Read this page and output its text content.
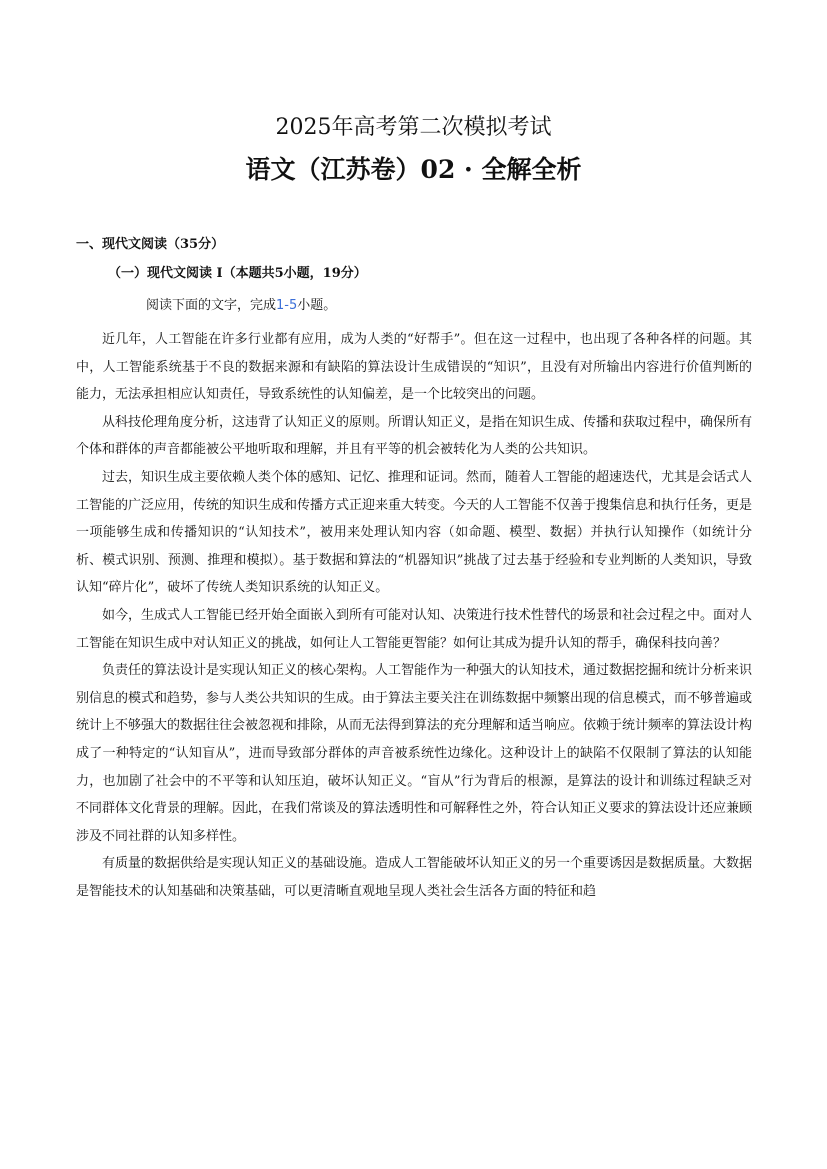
2025年高考第二次模拟考试
语文（江苏卷）02 · 全解全析
一、现代文阅读（35分）
（一）现代文阅读 I（本题共5小题，19分）
阅读下面的文字，完成1-5小题。

近几年，人工智能在许多行业都有应用，成为人类的“好帮手”。但在这一过程中，也出现了各种各样的问题。其中，人工智能系统基于不良的数据来源和有缺陷的算法设计生成错误的“知识”，且没有对所输出内容进行价值判断的能力，无法承担相应认知责任，导致系统性的认知偏差，是一个比较突出的问题。

从科技伦理角度分析，这违背了认知正义的原则。所谓认知正义，是指在知识生成、传播和获取过程中，确保所有个体和群体的声音都能被公平地听取和理解，并且有平等的机会被转化为人类的公共知识。

过去，知识生成主要依赖人类个体的感知、记忆、推理和证词。然而，随着人工智能的超速迭代，尤其是会话式人工智能的广泛应用，传统的知识生成和传播方式正迎来重大转变。今天的人工智能不仅善于搜集信息和执行任务，更是一项能够生成和传播知识的“认知技术”，被用来处理认知内容（如命题、模型、数据）并执行认知操作（如统计分析、模式识别、预测、推理和模拟）。基于数据和算法的“机器知识”挑战了过去基于经验和专业判断的人类知识，导致认知“碎片化”，破坏了传统人类知识系统的认知正义。

如今，生成式人工智能已经开始全面嵌入到所有可能对认知、决策进行技术性替代的场景和社会过程之中。面对人工智能在知识生成中对认知正义的挑战，如何让人工智能更智能？如何让其成为提升认知的帮手，确保科技向善？

负责任的算法设计是实现认知正义的核心架构。人工智能作为一种强大的认知技术，通过数据挖掘和统计分析来识别信息的模式和趋势，参与人类公共知识的生成。由于算法主要关注在训练数据中频繁出现的信息模式，而不够普遍或统计上不够强大的数据往往会被忽视和排除，从而无法得到算法的充分理解和适当响应。依赖于统计频率的算法设计构成了一种特定的“认知盲从”，进而导致部分群体的声音被系统性边缘化。这种设计上的缺陷不仅限制了算法的认知能力，也加剧了社会中的不平等和认知压迫，破坏认知正义。“盲从”行为背后的根源，是算法的设计和训练过程缺乏对不同群体文化背景的理解。因此，在我们常谈及的算法透明性和可解释性之外，符合认知正义要求的算法设计还应兼顾涉及不同社群的认知多样性。

有质量的数据供给是实现认知正义的基础设施。造成人工智能破坏认知正义的另一个重要诱因是数据质量。大数据是智能技术的认知基础和决策基础，可以更清晰直观地呈现人类社会生活各方面的特征和趋
